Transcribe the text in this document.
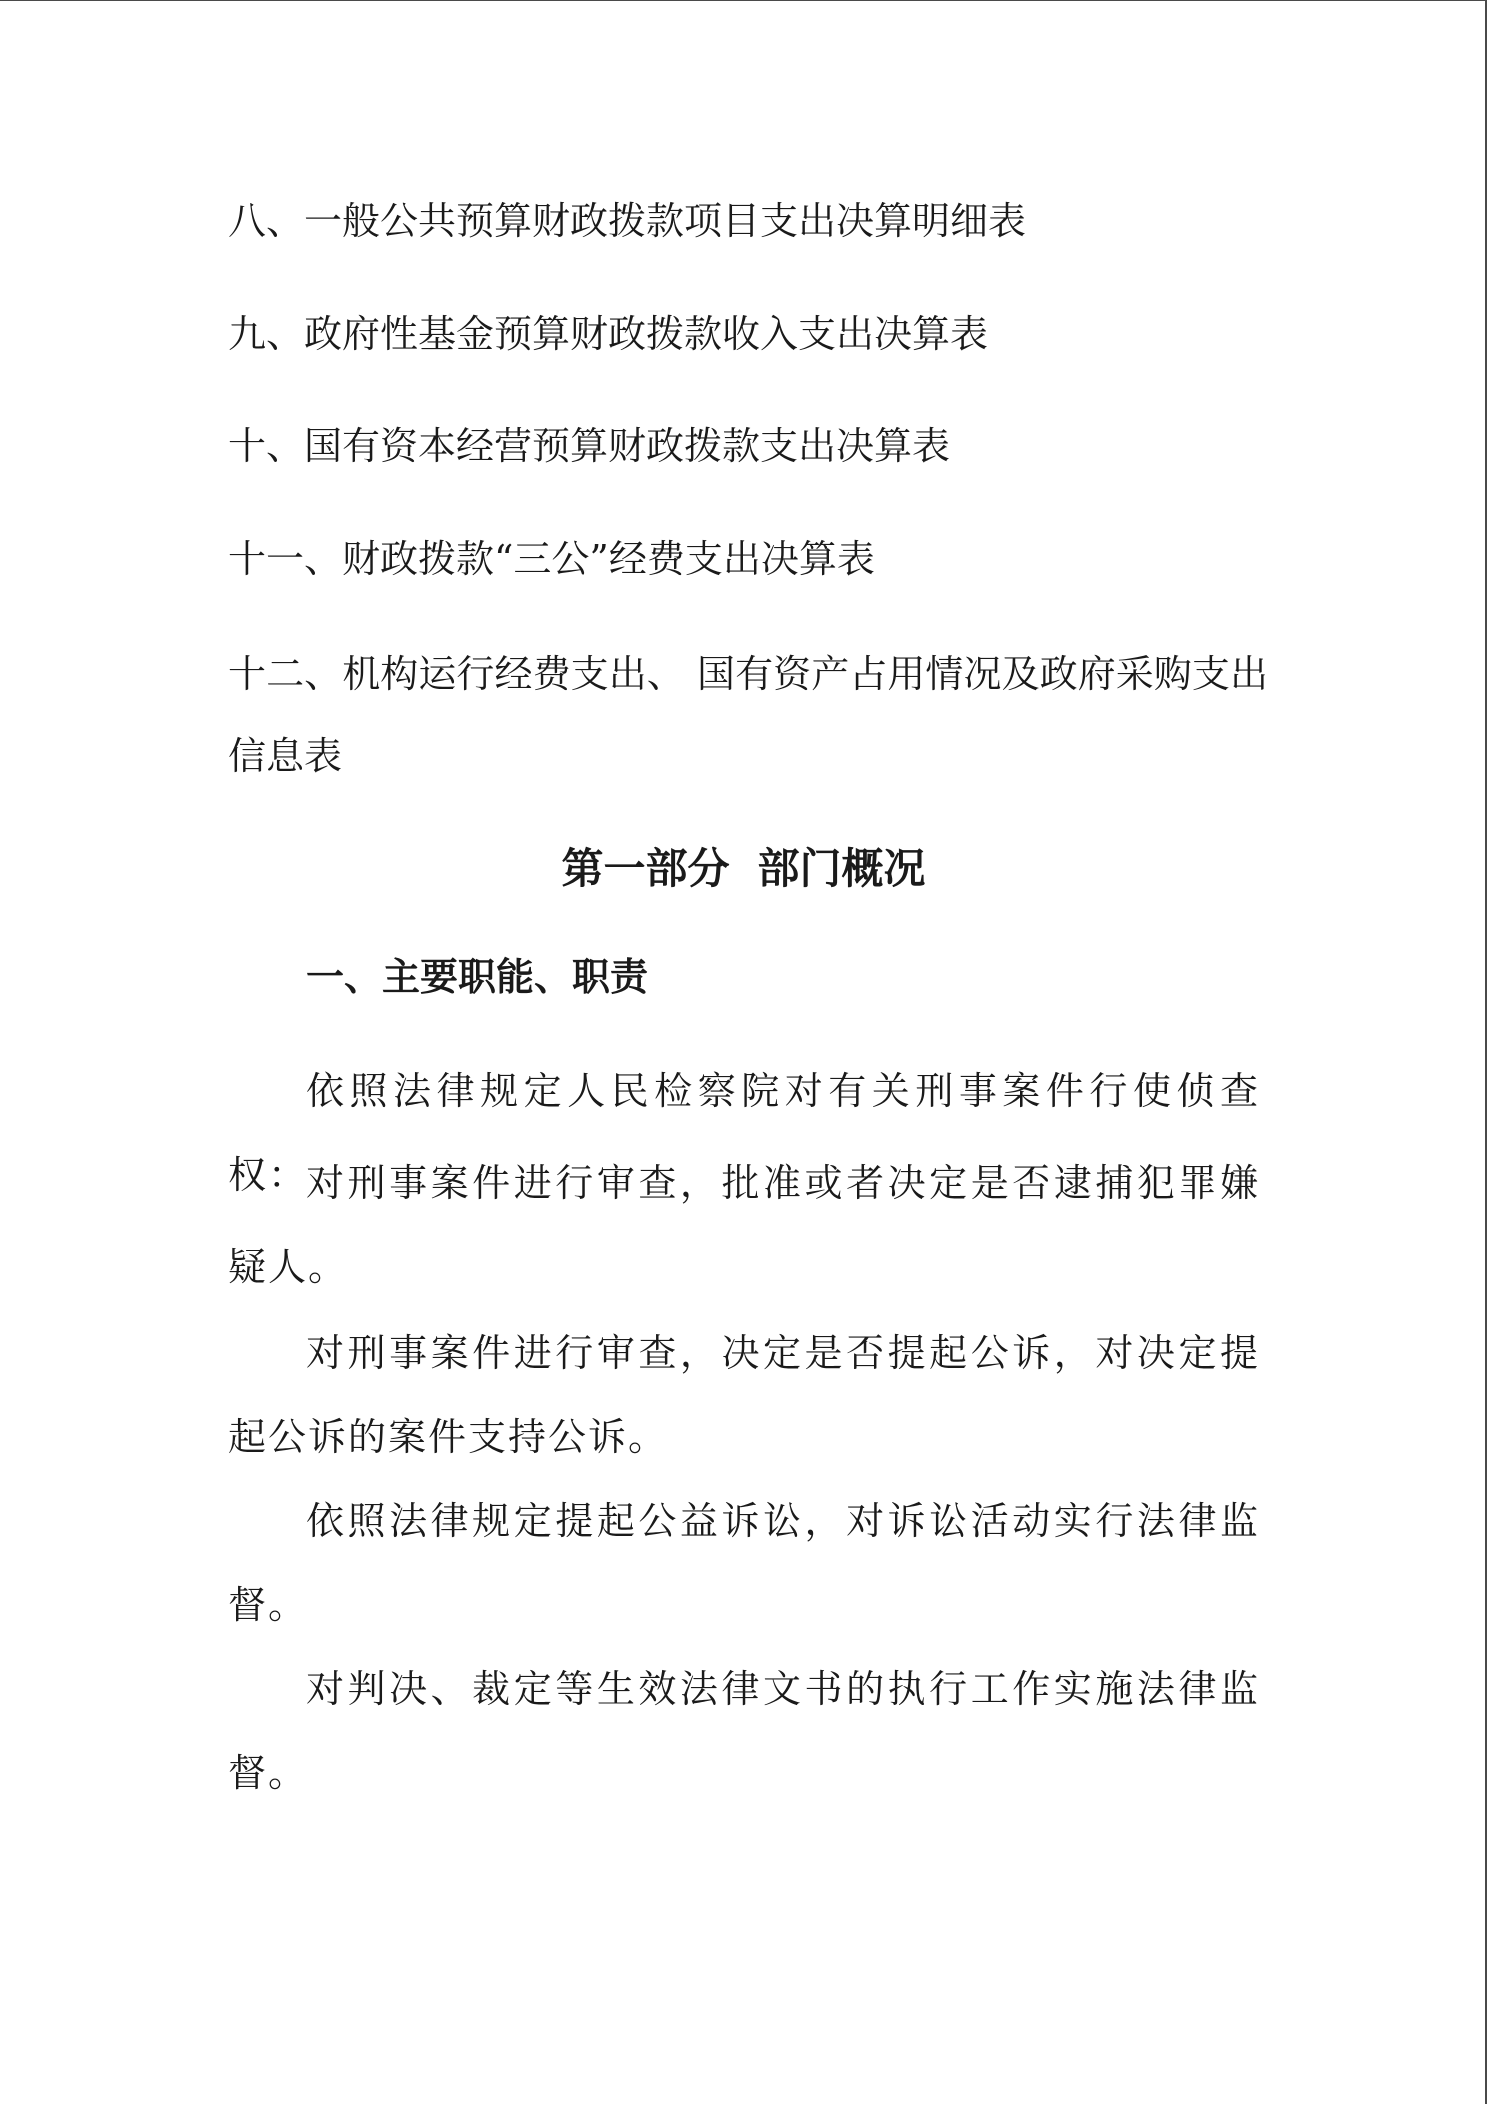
八、一般公共预算财政拨款项目支出决算明细表

九、政府性基金预算财政拨款收入支出决算表

十、国有资本经营预算财政拨款支出决算表

十一、财政拨款“三公”经费支出决算表

十二、机构运行经费支出、 国有资产占用情况及政府采购支出信息表

第一部分 部门概况
一、主要职能、职责

依照法律规定人民检察院对有关刑事案件行使侦查权：

对刑事案件进行审查，批准或者决定是否逮捕犯罪嫌疑人。

对刑事案件进行审查，决定是否提起公诉，对决定提起公诉的案件支持公诉。

依照法律规定提起公益诉讼，对诉讼活动实行法律监督。

对判决、裁定等生效法律文书的执行工作实施法律监督。
